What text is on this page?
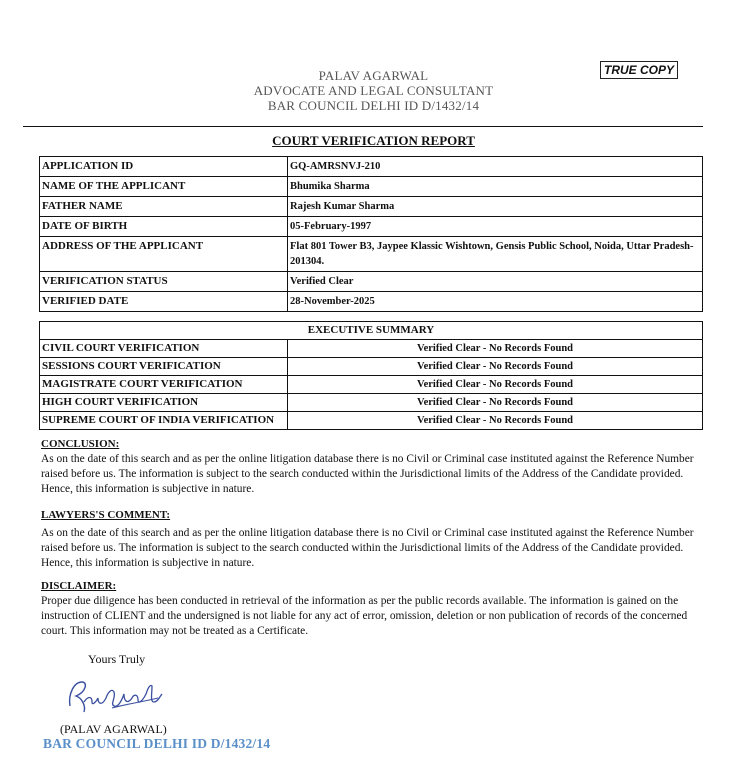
TRUE COPY
PALAV AGARWAL
ADVOCATE AND LEGAL CONSULTANT
BAR COUNCIL DELHI ID D/1432/14
COURT VERIFICATION REPORT
APPLICATION ID	GQ-AMRSNVJ-210
NAME OF THE APPLICANT	Bhumika Sharma
FATHER NAME	Rajesh Kumar Sharma
DATE OF BIRTH	05-February-1997
ADDRESS OF THE APPLICANT	Flat 801 Tower B3, Jaypee Klassic Wishtown, Gensis Public School, Noida, Uttar Pradesh-201304.
VERIFICATION STATUS	Verified Clear
VERIFIED DATE	28-November-2025
EXECUTIVE SUMMARY	
CIVIL COURT VERIFICATION	Verified Clear - No Records Found
SESSIONS COURT VERIFICATION	Verified Clear - No Records Found
MAGISTRATE COURT VERIFICATION	Verified Clear - No Records Found
HIGH COURT VERIFICATION	Verified Clear - No Records Found
SUPREME COURT OF INDIA VERIFICATION	Verified Clear - No Records Found
CONCLUSION:
As on the date of this search and as per the online litigation database there is no Civil or Criminal case instituted against the Reference Number raised before us. The information is subject to the search conducted within the Jurisdictional limits of the Address of the Candidate provided. Hence, this information is subjective in nature.
LAWYERS'S COMMENT:
As on the date of this search and as per the online litigation database there is no Civil or Criminal case instituted against the Reference Number raised before us. The information is subject to the search conducted within the Jurisdictional limits of the Address of the Candidate provided. Hence, this information is subjective in nature.
DISCLAIMER:
Proper due diligence has been conducted in retrieval of the information as per the public records available. The information is gained on the instruction of CLIENT and the undersigned is not liable for any act of error, omission, deletion or non publication of records of the concerned court. This information may not be treated as a Certificate.
Yours Truly
(PALAV AGARWAL)
BAR COUNCIL DELHI ID D/1432/14
